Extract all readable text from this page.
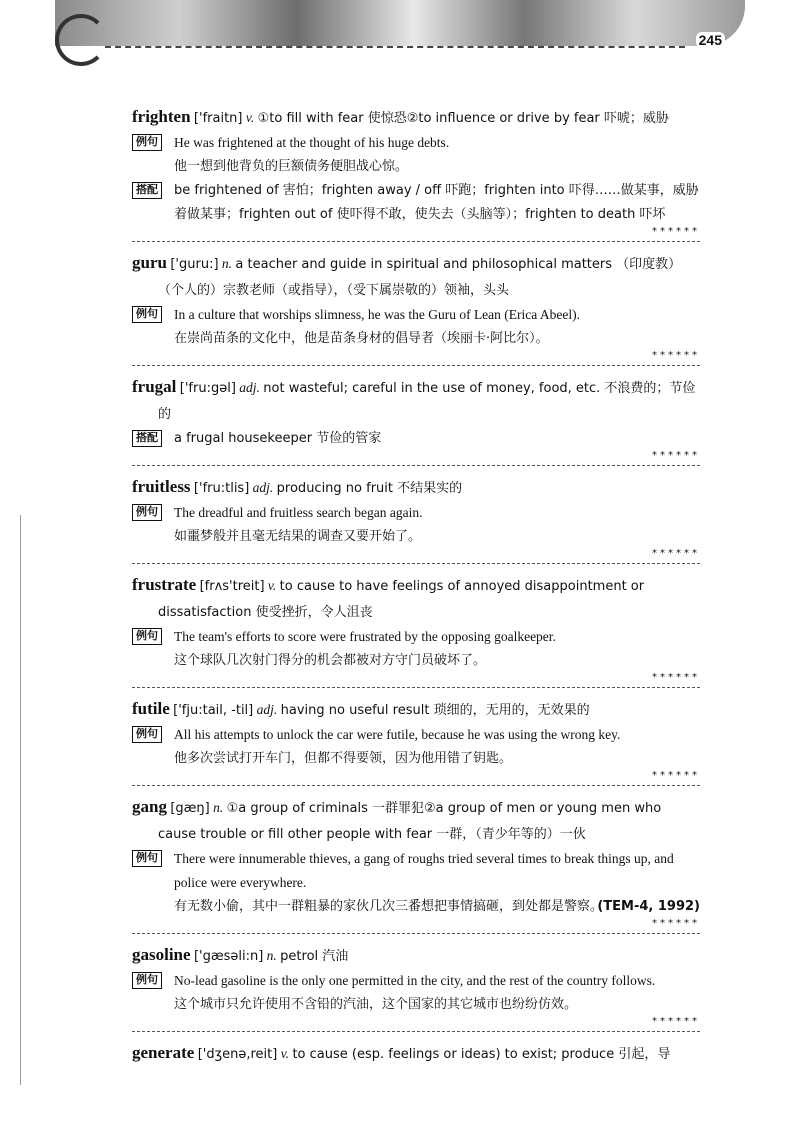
245
frighten ['fraitn] v. ①to fill with fear 使惊恐②to influence or drive by fear 吓唬；威胁
例句 He was frightened at the thought of his huge debts.
他一想到他背负的巨额债务便胆战心惊。
搭配	be frightened of 害怕；frighten away / off 吓跑；frighten into 吓得……做某事，威胁着做某事；frighten out of 使吓得不敢，使失去（头脑等）；frighten to death 吓坏
******
guru ['guru:] n. a teacher and guide in spiritual and philosophical matters （印度教）（个人的）宗教老师（或指导），（受下属崇敬的）领袖，头头
例句 In a culture that worships slimness, he was the Guru of Lean (Erica Abeel).
在崇尚苗条的文化中，他是苗条身材的倡导者（埃丽卡·阿比尔）。
******
frugal ['fru:gəl] adj. not wasteful; careful in the use of money, food, etc. 不浪费的；节俭的
搭配	a frugal housekeeper 节俭的管家
******
fruitless ['fru:tlis] adj. producing no fruit 不结果实的
例句 The dreadful and fruitless search began again.
如噩梦般并且毫无结果的调查又要开始了。
******
frustrate [frʌs'treit] v. to cause to have feelings of annoyed disappointment or dissatisfaction 使受挫折，令人沮丧
例句 The team's efforts to score were frustrated by the opposing goalkeeper.
这个球队几次射门得分的机会都被对方守门员破坏了。
******
futile ['fju:tail, -til] adj. having no useful result 琐细的，无用的，无效果的
例句 All his attempts to unlock the car were futile, because he was using the wrong key.
他多次尝试打开车门，但都不得要领，因为他用错了钥匙。
******
gang [gæŋ] n. ①a group of criminals 一群罪犯②a group of men or young men who cause trouble or fill other people with fear 一群，（青少年等的）一伙
例句 There were innumerable thieves, a gang of roughs tried several times to break things up, and police were everywhere.
有无数小偷，其中一群粗暴的家伙几次三番想把事情搞砸，到处都是警察。
(TEM-4, 1992)
******
gasoline ['gæsəli:n] n. petrol 汽油
例句 No-lead gasoline is the only one permitted in the city, and the rest of the country follows.
这个城市只允许使用不含铅的汽油，这个国家的其它城市也纷纷仿效。
******
generate ['dʒenə,reit] v. to cause (esp. feelings or ideas) to exist; produce 引起，导
